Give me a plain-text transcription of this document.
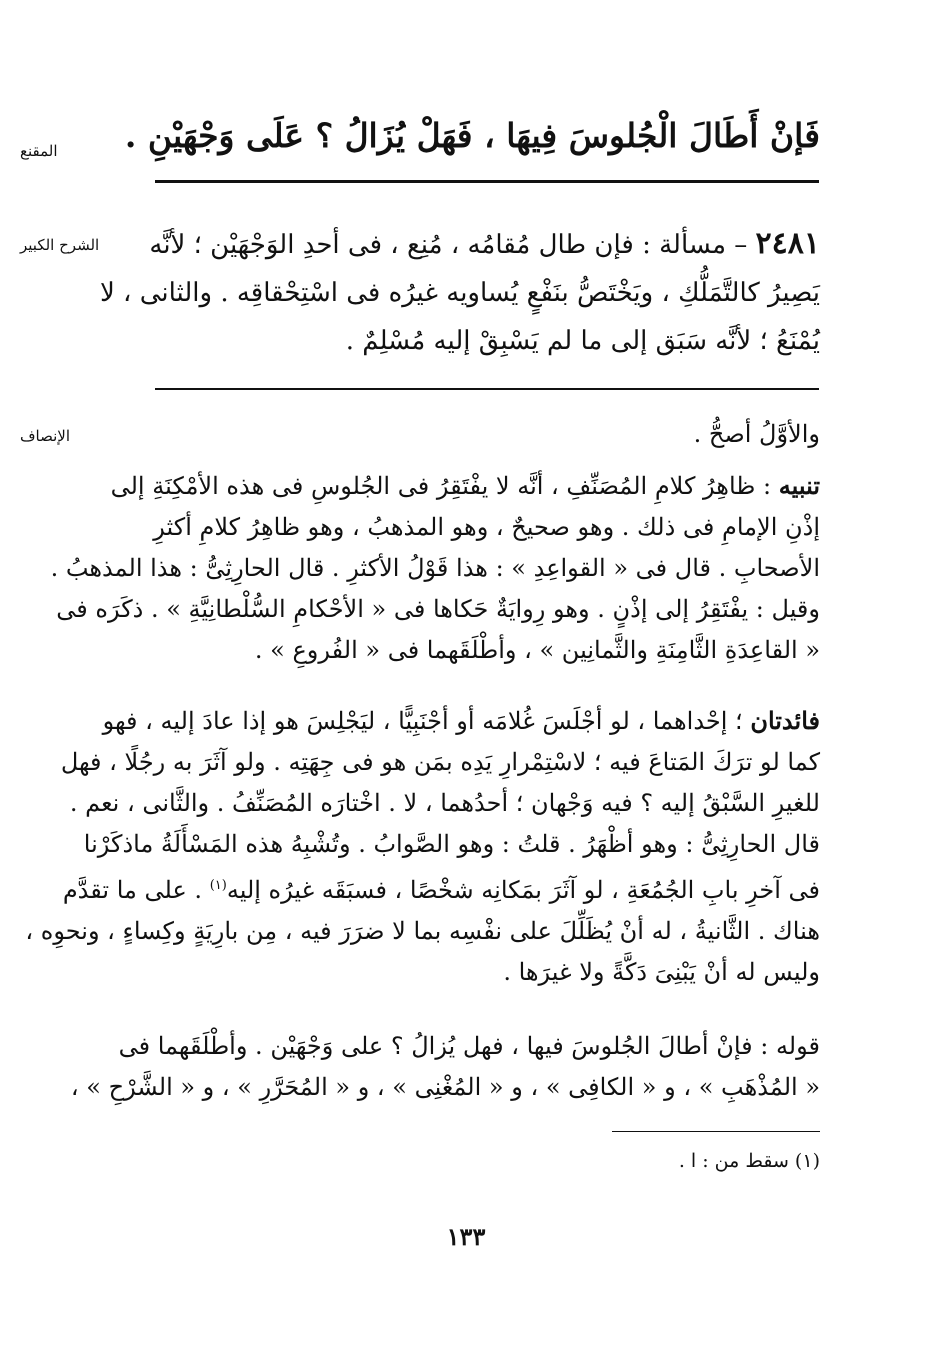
المقنع
الشرح الكبير
الإنصاف
فَإنْ أَطَالَ الْجُلوسَ فِيهَا ، فَهَلْ يُزَالُ ؟ عَلَى وَجْهَيْنِ .
٢٤٨١ – مسألة : فإن طال مُقامُه ، مُنِع ، فى أحدِ الوَجْهَيْن ؛ لأنَّه
يَصِيرُ كالتَّمَلُّكِ ، ويَخْتَصُّ بنَفْعٍ يُساويه غيرُه فى اسْتِحْقاقِه . والثانى ، لا
يُمْنَعُ ؛ لأنَّه سَبَق إلى ما لم يَسْبِقْ إليه مُسْلِمٌ .
والأوَّلُ أصحُّ .
تنبيه : ظاهِرُ كلامِ المُصَنِّفِ ، أنَّه لا يفْتَقِرُ فى الجُلوسِ فى هذه الأمْكِنَةِ إلى
إذْنِ الإمامِ فى ذلك . وهو صحيحٌ ، وهو المذهبُ ، وهو ظاهِرُ كلامِ أكثرِ
الأصحابِ . قال فى « القواعِدِ » : هذا قَوْلُ الأكثرِ . قال الحارِثِىُّ : هذا المذهبُ .
وقيل : يفْتَقِرُ إلى إذْنٍ . وهو رِوايَةٌ حَكاها فى « الأحْكامِ السُّلْطانِيَّةِ » . ذكَرَه فى
« القاعِدَةِ الثَّامِنَةِ والثَّمانِين » ، وأطْلَقَهما فى « الفُروعِ » .
فائدتان ؛ إحْداهما ، لو أجْلَسَ غُلامَه أو أجْنَبِيًّا ، ليَجْلِسَ هو إذا عادَ إليه ، فهو
كما لو ترَكَ المَتاعَ فيه ؛ لاسْتِمْرارِ يَدِه بمَن هو فى جِهَتِه . ولو آثَرَ به رجُلًا ، فهل
للغيرِ السَّبْقُ إليه ؟ فيه وَجْهان ؛ أحدُهما ، لا . اخْتارَه المُصَنِّفُ . والثَّانى ، نعم .
قال الحارِثِىُّ : وهو أظْهَرُ . قلتُ : وهو الصَّوابُ . وتُشْبِهُ هذه المَسْأَلَةُ ماذكَرْنا
فى آخرِ بابِ الجُمُعَةِ ، لو آثَرَ بمَكانِه شخْصًا ، فسبَقَه غيرُه إليه$^{(١)}$ . على ما تقدَّم
هناك . الثَّانيةُ ، له أنْ يُظَلِّلَ على نفْسِه بما لا ضرَرَ فيه ، مِن بارِيَةٍ وكِساءٍ ، ونحوِه ،
وليس له أنْ يَبْنِىَ دَكَّةً ولا غيرَها .
قوله : فإنْ أطالَ الجُلوسَ فيها ، فهل يُزالُ ؟ على وَجْهَيْن . وأطْلَقَهما فى
« المُذْهَبِ » ، و « الكافِى » ، و « المُغْنِى » ، و « المُحَرَّرِ » ، و « الشَّرْحِ » ،
(١) سقط من : ا .
١٣٣
